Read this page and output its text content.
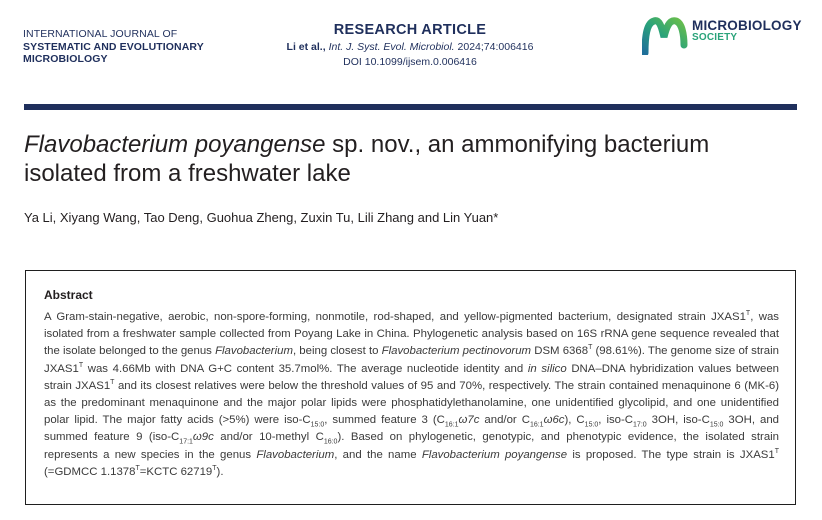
INTERNATIONAL JOURNAL OF
SYSTEMATIC AND EVOLUTIONARY
MICROBIOLOGY
RESEARCH ARTICLE
Li et al., Int. J. Syst. Evol. Microbiol. 2024;74:006416
DOI 10.1099/ijsem.0.006416
MICROBIOLOGY
SOCIETY
Flavobacterium poyangense sp. nov., an ammonifying bacterium isolated from a freshwater lake
Ya Li, Xiyang Wang, Tao Deng, Guohua Zheng, Zuxin Tu, Lili Zhang and Lin Yuan*
Abstract
A Gram-stain-negative, aerobic, non-spore-forming, nonmotile, rod-shaped, and yellow-pigmented bacterium, designated strain $JXAS1^T$, was isolated from a freshwater sample collected from Poyang Lake in China. Phylogenetic analysis based on 16S rRNA gene sequence revealed that the isolate belonged to the genus Flavobacterium, being closest to Flavobacterium pectinovorum DSM $6368^T$ (98.61%). The genome size of strain $JXAS1^T$ was 4.66Mb with DNA G+C content 35.7mol%. The average nucleotide identity and in silico DNA–DNA hybridization values between strain $JXAS1^T$ and its closest relatives were below the threshold values of 95 and 70%, respectively. The strain contained menaquinone 6 (MK-6) as the predominant menaquinone and the major polar lipids were phosphatidylethanolamine, one unidentified glycolipid, and one unidentified polar lipid. The major fatty acids (>5%) were iso-$C_{15:0}$, summed feature 3 ($C_{16:1}\omega 7c$ and/or $C_{16:1}\omega 6c$), $C_{15:0}$, iso-$C_{17:0}$ 3OH, iso-$C_{15:0}$ 3OH, and summed feature 9 ($iso-C_{17:1}\omega 9c$ and/or 10-methyl $C_{16:0}$). Based on phylogenetic, genotypic, and phenotypic evidence, the isolated strain represents a new species in the genus Flavobacterium, and the name Flavobacterium poyangense is proposed. The type strain is $JXAS1^T$ (=GDMCC $1.1378^T=KCTC$ $62719^T$).
